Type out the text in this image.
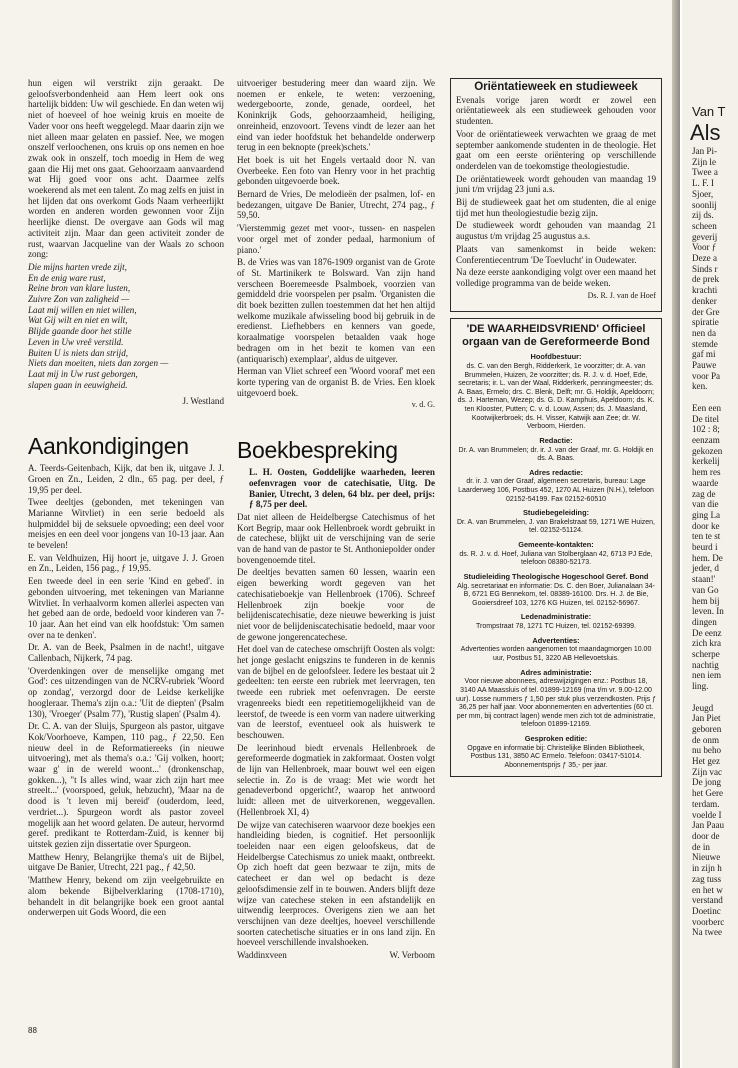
hun eigen wil verstrikt zijn geraakt. De geloofsverbondenheid aan Hem leert ook ons hartelijk bidden: Uw wil geschiede. En dan weten wij niet of hoeveel of hoe weinig kruis en moeite de Vader voor ons heeft weggelegd. Maar daarin zijn we niet alleen maar gelaten en passief. Nee, we mogen onszelf verloochenen, ons kruis op ons nemen en hoe zwak ook in onszelf, toch moedig in Hem de weg gaan die Hij met ons gaat. Gehoorzaam aanvaardend wat Hij goed voor ons acht. Daarmee zelfs woekerend als met een talent. Zo mag zelfs en juist in het lijden dat ons overkomt Gods Naam verheerlijkt worden en anderen worden gewonnen voor Zijn heerlijke dienst. De overgave aan Gods wil mag activiteit zijn. Maar dan geen activiteit zonder de rust, waarvan Jacqueline van der Waals zo schoon zong:

Die mijns harten vrede zijt,
En de enig ware rust,
Reine bron van klare lusten,
Zuivre Zon van zaligheid —
Laat mij willen en niet willen,
Wat Gij wilt en niet en wilt,
Blijde gaande door het stille
Leven in Uw vreê verstild.
Buiten U is niets dan strijd,
Niets dan moeiten, niets dan zorgen —
Laat mij in Uw rust geborgen,
slapen gaan in eeuwigheid.
J. Westland
Aankondigingen

A. Teerds-Geitenbach, Kijk, dat ben ik, uitgave J. J. Groen en Zn., Leiden, 2 dln., 65 pag. per deel, ƒ 19,95 per deel.

Twee deeltjes (gebonden, met tekeningen van Marianne Witvliet) in een serie bedoeld als hulpmiddel bij de seksuele opvoeding; een deel voor meisjes en een deel voor jongens van 10-13 jaar. Aan te bevelen!

E. van Veldhuizen, Hij hoort je, uitgave J. J. Groen en Zn., Leiden, 156 pag., ƒ 19,95.

Een tweede deel in een serie 'Kind en gebed'. in gebonden uitvoering, met tekeningen van Marianne Witvliet. In verhaalvorm komen allerlei aspecten van het gebed aan de orde, bedoeld voor kinderen van 7-10 jaar. Aan het eind van elk hoofdstuk: 'Om samen over na te denken'.

Dr. A. van de Beek, Psalmen in de nacht!, uitgave Callenbach, Nijkerk, 74 pag.

'Overdenkingen over de menselijke omgang met God': ces uitzendingen van de NCRV-rubriek 'Woord op zondag', verzorgd door de Leidse kerkelijke hoogleraar. Thema's zijn o.a.: 'Uit de diepten' (Psalm 130), 'Vroeger' (Psalm 77), 'Rustig slapen' (Psalm 4).

Dr. C. A. van der Sluijs, Spurgeon als pastor, uitgave Kok/Voorhoeve, Kampen, 110 pag., ƒ 22,50. Een nieuw deel in de Reformatiereeks (in nieuwe uitvoering), met als thema's o.a.: 'Gij volken, hoort; waar g' in de wereld woont...' (dronkenschap, gokken...), "t Is alles wind, waar zich zijn hart mee streelt...' (voorspoed, geluk, hebzucht), 'Maar na de dood is 't leven mij bereid' (ouderdom, leed, verdriet...). Spurgeon wordt als pastor zoveel mogelijk aan het woord gelaten. De auteur, hervormd geref. predikant te Rotterdam-Zuid, is kenner bij uitstek gezien zijn dissertatie over Spurgeon.

Matthew Henry, Belangrijke thema's uit de Bijbel, uitgave De Banier, Utrecht, 221 pag., ƒ 42,50.

'Matthew Henry, bekend om zijn veelgebruikte en alom bekende Bijbelverklaring (1708-1710), behandelt in dit belangrijke boek een groot aantal onderwerpen uit Gods Woord, die een

uitvoeriger bestudering meer dan waard zijn. We noemen er enkele, te weten: verzoening, wedergeboorte, zonde, genade, oordeel, het Koninkrijk Gods, gehoorzaamheid, heiliging, onreinheid, enzovoort. Tevens vindt de lezer aan het eind van ieder hoofdstuk het behandelde onderwerp terug in een beknopte (preek)schets.'

Het boek is uit het Engels vertaald door N. van Overbeeke. Een foto van Henry voor in het prachtig gebonden uitgevoerde boek.

Bernard de Vries, De melodieën der psalmen, lof- en bedezangen, uitgave De Banier, Utrecht, 274 pag., ƒ 59,50.

'Vierstemmig gezet met voor-, tussen- en naspelen voor orgel met of zonder pedaal, harmonium of piano.'

B. de Vries was van 1876-1909 organist van de Grote of St. Martinikerk te Bolsward. Van zijn hand verscheen Boeremeesde Psalmboek, voorzien van gemiddeld drie voorspelen per psalm. 'Organisten die dit boek bezitten zullen toestemmen dat het hen altijd welkome muzikale afwisseling bood bij gebruik in de eredienst. Liefhebbers en kenners van goede, koraalmatige voorspelen betaalden vaak hoge bedragen om in het bezit te komen van een (antiquarisch) exemplaar', aldus de uitgever.

Herman van Vliet schreef een 'Woord vooraf' met een korte typering van de organist B. de Vries. Een kloek uitgevoerd boek.

v. d. G.
Boekbespreking

L. H. Oosten, Goddelijke waarheden, leeren oefenvragen voor de catechisatie, Uitg. De Banier, Utrecht, 3 delen, 64 blz. per deel, prijs: ƒ 8,75 per deel.

Dat niet alleen de Heidelbergse Catechismus of het Kort Begrip, maar ook Hellenbroek wordt gebruikt in de catechese, blijkt uit de verschijning van de serie van de hand van de pastor te St. Anthoniepolder onder bovengenoemde titel.

De deeltjes bevatten samen 60 lessen, waarin een eigen bewerking wordt gegeven van het catechisatieboekje van Hellenbroek (1706). Schreef Hellenbroek zijn boekje voor de belijdeniscatechisatie, deze nieuwe bewerking is juist niet voor de belijdeniscatechisatie bedoeld, maar voor de gewone jongerencatechese.

Het doel van de catechese omschrijft Oosten als volgt: het jonge geslacht enigszins te funderen in de kennis van de bijbel en de geloofsleer. Iedere les bestaat uit 2 gedeelten: ten eerste een rubriek met leervragen, ten tweede een rubriek met oefenvragen. De eerste vragenreeks biedt een repetitiemogelijkheid van de leerstof, de tweede is een vorm van nadere uitwerking van de leerstof, eventueel ook als huiswerk te beschouwen.

De leerinhoud biedt ervenals Hellenbroek de gereformeerde dogmatiek in zakformaat. Oosten volgt de lijn van Hellenbroek, maar bouwt wel een eigen selectie in. Zo is de vraag: Met wie wordt het genadeverbond opgericht?, waarop het antwoord luidt: alleen met de uitverkorenen, weggevallen. (Hellenbroek XI, 4)

De wijze van catechiseren waarvoor deze boekjes een handleiding bieden, is cognitief. Het persoonlijk toeleiden naar een eigen geloofskeus, dat de Heidelbergse Catechismus zo uniek maakt, ontbreekt. Op zich hoeft dat geen bezwaar te zijn, mits de catecheet er dan wel op bedacht is deze geloofsdimensie zelf in te bouwen. Anders blijft deze wijze van catechese steken in een afstandelijk en uitwendig leerproces. Overigens zien we aan het verschijnen van deze deeltjes, hoeveel verschillende soorten catechetische situaties er in ons land zijn. En hoeveel verschillende invalshoeken.

Waddinxveen	W. Verboom
Oriëntatieweek en studieweek

Evenals vorige jaren wordt er zowel een oriëntatieweek als een studieweek gehouden voor studenten.

Voor de oriëntatieweek verwachten we graag de met september aankomende studenten in de theologie. Het gaat om een eerste oriëntering op verschillende onderdelen van de toekomstige theologiestudie.

De oriëntatieweek wordt gehouden van maandag 19 juni t/m vrijdag 23 juni a.s.

Bij de studieweek gaat het om studenten, die al enige tijd met hun theologiestudie bezig zijn.

De studieweek wordt gehouden van maandag 21 augustus t/m vrijdag 25 augustus a.s.

Plaats van samenkomst in beide weken: Conferentiecentrum 'De Toevlucht' in Oudewater.

Na deze eerste aankondiging volgt over een maand het volledige programma van de beide weken.

Ds. R. J. van de Hoef
'DE WAARHEIDSVRIEND' Officieel orgaan van de Gereformeerde Bond
Hoofdbestuur:
ds. C. van den Bergh, Ridderkerk, 1e voorzitter; dr. A. van Brummelen, Huizen, 2e voorzitter; ds. R. J. v. d. Hoef, Ede, secretaris; ir. L. van der Waal, Ridderkerk, penningmeester; ds. A. Baas, Ermelo; drs. C. Blenk, Delft; mr. G. Holdijk, Apeldoorn; ds. J. Harteman, Wezep; ds. G. D. Kamphuis, Apeldoorn; ds. K. ten Klooster, Putten; C. v. d. Louw, Assen; ds. J. Maasland, Kootwijkerbroek; ds. H. Visser, Katwijk aan Zee; dr. W. Verboom, Hierden.
Redactie:
Dr. A. van Brummelen; dr. ir. J. van der Graaf, mr. G. Holdijk en ds. A. Baas.
Adres redactie:
dr. ir. J. van der Graaf, algemeen secretaris, bureau: Lage Laarderweg 106, Postbus 452, 1270 AL Huizen (N.H.), telefoon 02152-54199. Fax 02152-60510
Studiebegeleiding:
Dr. A. van Brummelen, J. van Brakelstraat 59, 1271 WE Huizen, tel. 02152-51124.
Gemeente-kontakten:
ds. R. J. v. d. Hoef, Juliana van Stolberglaan 42, 6713 PJ Ede, telefoon 08380-52173.
Studieleiding Theologische Hogeschool Geref. Bond
Alg. secretariaat en informatie: Ds. C. den Boer, Julianalaan 34-B, 6721 EG Bennekom, tel. 08389-16100. Drs. H. J. de Bie, Gooiersdreef 103, 1276 KG Huizen, tel. 02152-56967.
Ledenadministratie:
Trompstraat 78, 1271 TC Huizen, tel. 02152-69399.
Advertenties:
Advertenties worden aangenomen tot maandagmorgen 10.00 uur, Postbus 51, 3220 AB Hellevoetsluis.
Adres administratie:
Voor nieuwe abonnees, adreswijzigingen enz.: Postbus 18, 3140 AA Maassluis of tel. 01899-12169 (ma t/m vr. 9.00-12.00 uur). Losse nummers ƒ 1,50 per stuk plus verzendkosten. Prijs ƒ 36,25 per half jaar. Voor abonnementen en advertenties (60 ct. per mm, bij contract lagen) wende men zich tot de administratie, telefoon 01899-12169.
Gesproken editie:
Opgave en informatie bij: Christelijke Blinden Bibliotheek, Postbus 131, 3850 AC Ermelo. Telefoon: 03417-51014. Abonnementsprijs ƒ 35,- per jaar.
88
Van T
Als
Jan Pi-
Zijn le
Twee a
L. F. I
Sjoer,
soonlij
zij ds.
scheen
geverij
Voor ƒ
Deze a
Sinds r
de prek
krachti
denker
der Gre
spiratie
nen da
stemde
gaf mi
Pauwe
voor Pa
ken.

Een een
De titel
102 : 8;
eenzam
gekozen
kerkelij
hem res
waarde
zag de
van die
ging La
door ke
ten te st
beurd i
hem. De
jeder, d
staan!'
van Go
hem bij
leven. In
dingen
De eenz
zich kra
scherpe
nachtig
nen iem
ling.

Jeugd
Jan Piet
geboren
de onm
nu beho
Het gez
Zijn vac
De jong
het Gere
terdam.
voelde I
Jan Paau
door de
de in
Nieuwe
in zijn h
zag tuss
en het w
verstand
Doetinc
voorberc
Na twee
